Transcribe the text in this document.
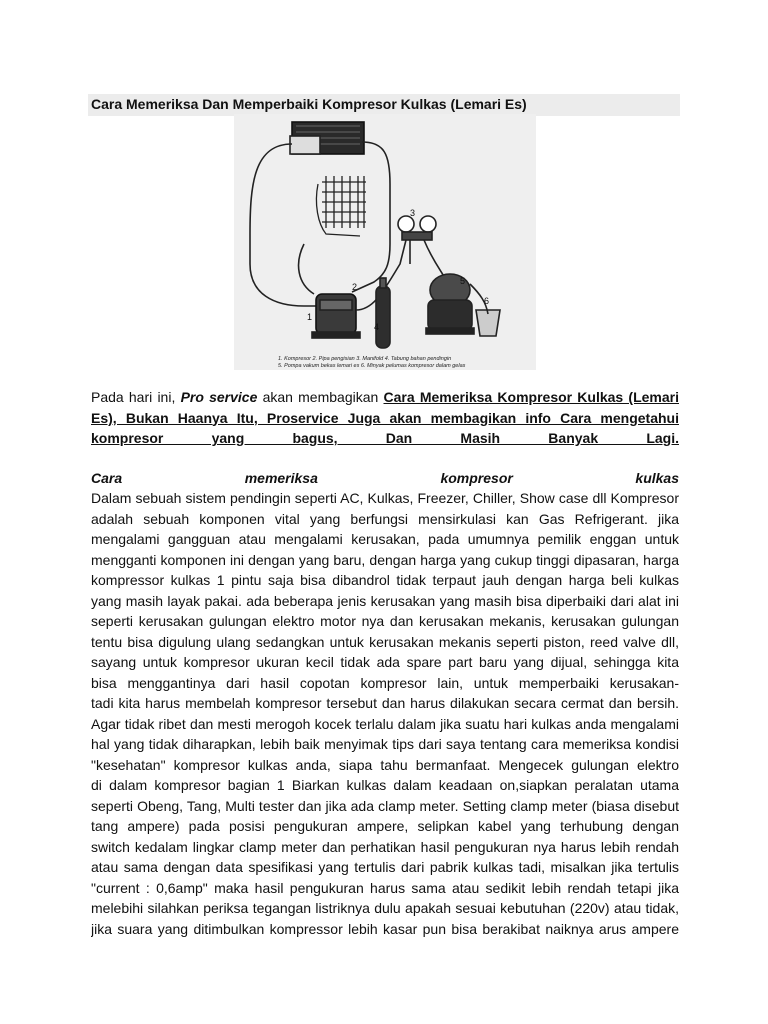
Cara Memeriksa Dan Memperbaiki Kompresor Kulkas (Lemari Es)
1
2
3
4
5
6
1. Kompresor 2. Pipa pengisian 3. Manifold 4. Tabung bahan pendingin
5. Pompa vakum bekas lemari es 6. Minyak pelumas kompresor dalam gelas
Pada hari ini, Pro service akan membagikan Cara Memeriksa Kompresor Kulkas (Lemari
Es), Bukan Haanya Itu, Proservice Juga akan membagikan info Cara mengetahui
kompresor yang bagus, Dan Masih Banyak Lagi.
Cara memeriksa kompresor kulkas
Dalam sebuah sistem pendingin seperti AC, Kulkas, Freezer, Chiller, Show case dll Kompresor
adalah sebuah komponen vital yang berfungsi mensirkulasi kan Gas Refrigerant. jika
mengalami gangguan atau mengalami kerusakan, pada umumnya pemilik enggan untuk
mengganti komponen ini dengan yang baru, dengan harga yang cukup tinggi dipasaran, harga
kompressor kulkas 1 pintu saja bisa dibandrol tidak terpaut jauh dengan harga beli kulkas
yang masih layak pakai. ada beberapa jenis kerusakan yang masih bisa diperbaiki dari alat ini
seperti kerusakan gulungan elektro motor nya dan kerusakan mekanis, kerusakan gulungan
tentu bisa digulung ulang sedangkan untuk kerusakan mekanis seperti piston, reed valve dll,
sayang untuk kompresor ukuran kecil tidak ada spare part baru yang dijual, sehingga kita
bisa menggantinya dari hasil copotan kompresor lain, untuk memperbaiki kerusakan-
tadi kita harus membelah kompresor tersebut dan harus dilakukan secara cermat dan bersih.
Agar tidak ribet dan mesti merogoh kocek terlalu dalam jika suatu hari kulkas anda mengalami
hal yang tidak diharapkan, lebih baik menyimak tips dari saya tentang cara memeriksa kondisi
"kesehatan" kompresor kulkas anda, siapa tahu bermanfaat. Mengecek gulungan elektro
di dalam kompresor bagian 1 Biarkan kulkas dalam keadaan on,siapkan peralatan utama
seperti Obeng, Tang, Multi tester dan jika ada clamp meter. Setting clamp meter (biasa disebut
tang ampere) pada posisi pengukuran ampere, selipkan kabel yang terhubung dengan
switch kedalam lingkar clamp meter dan perhatikan hasil pengukuran nya harus lebih rendah
atau sama dengan data spesifikasi yang tertulis dari pabrik kulkas tadi, misalkan jika tertulis
"current : 0,6amp" maka hasil pengukuran harus sama atau sedikit lebih rendah tetapi jika
melebihi silahkan periksa tegangan listriknya dulu apakah sesuai kebutuhan (220v) atau tidak,
jika suara yang ditimbulkan kompressor lebih kasar pun bisa berakibat naiknya arus ampere
